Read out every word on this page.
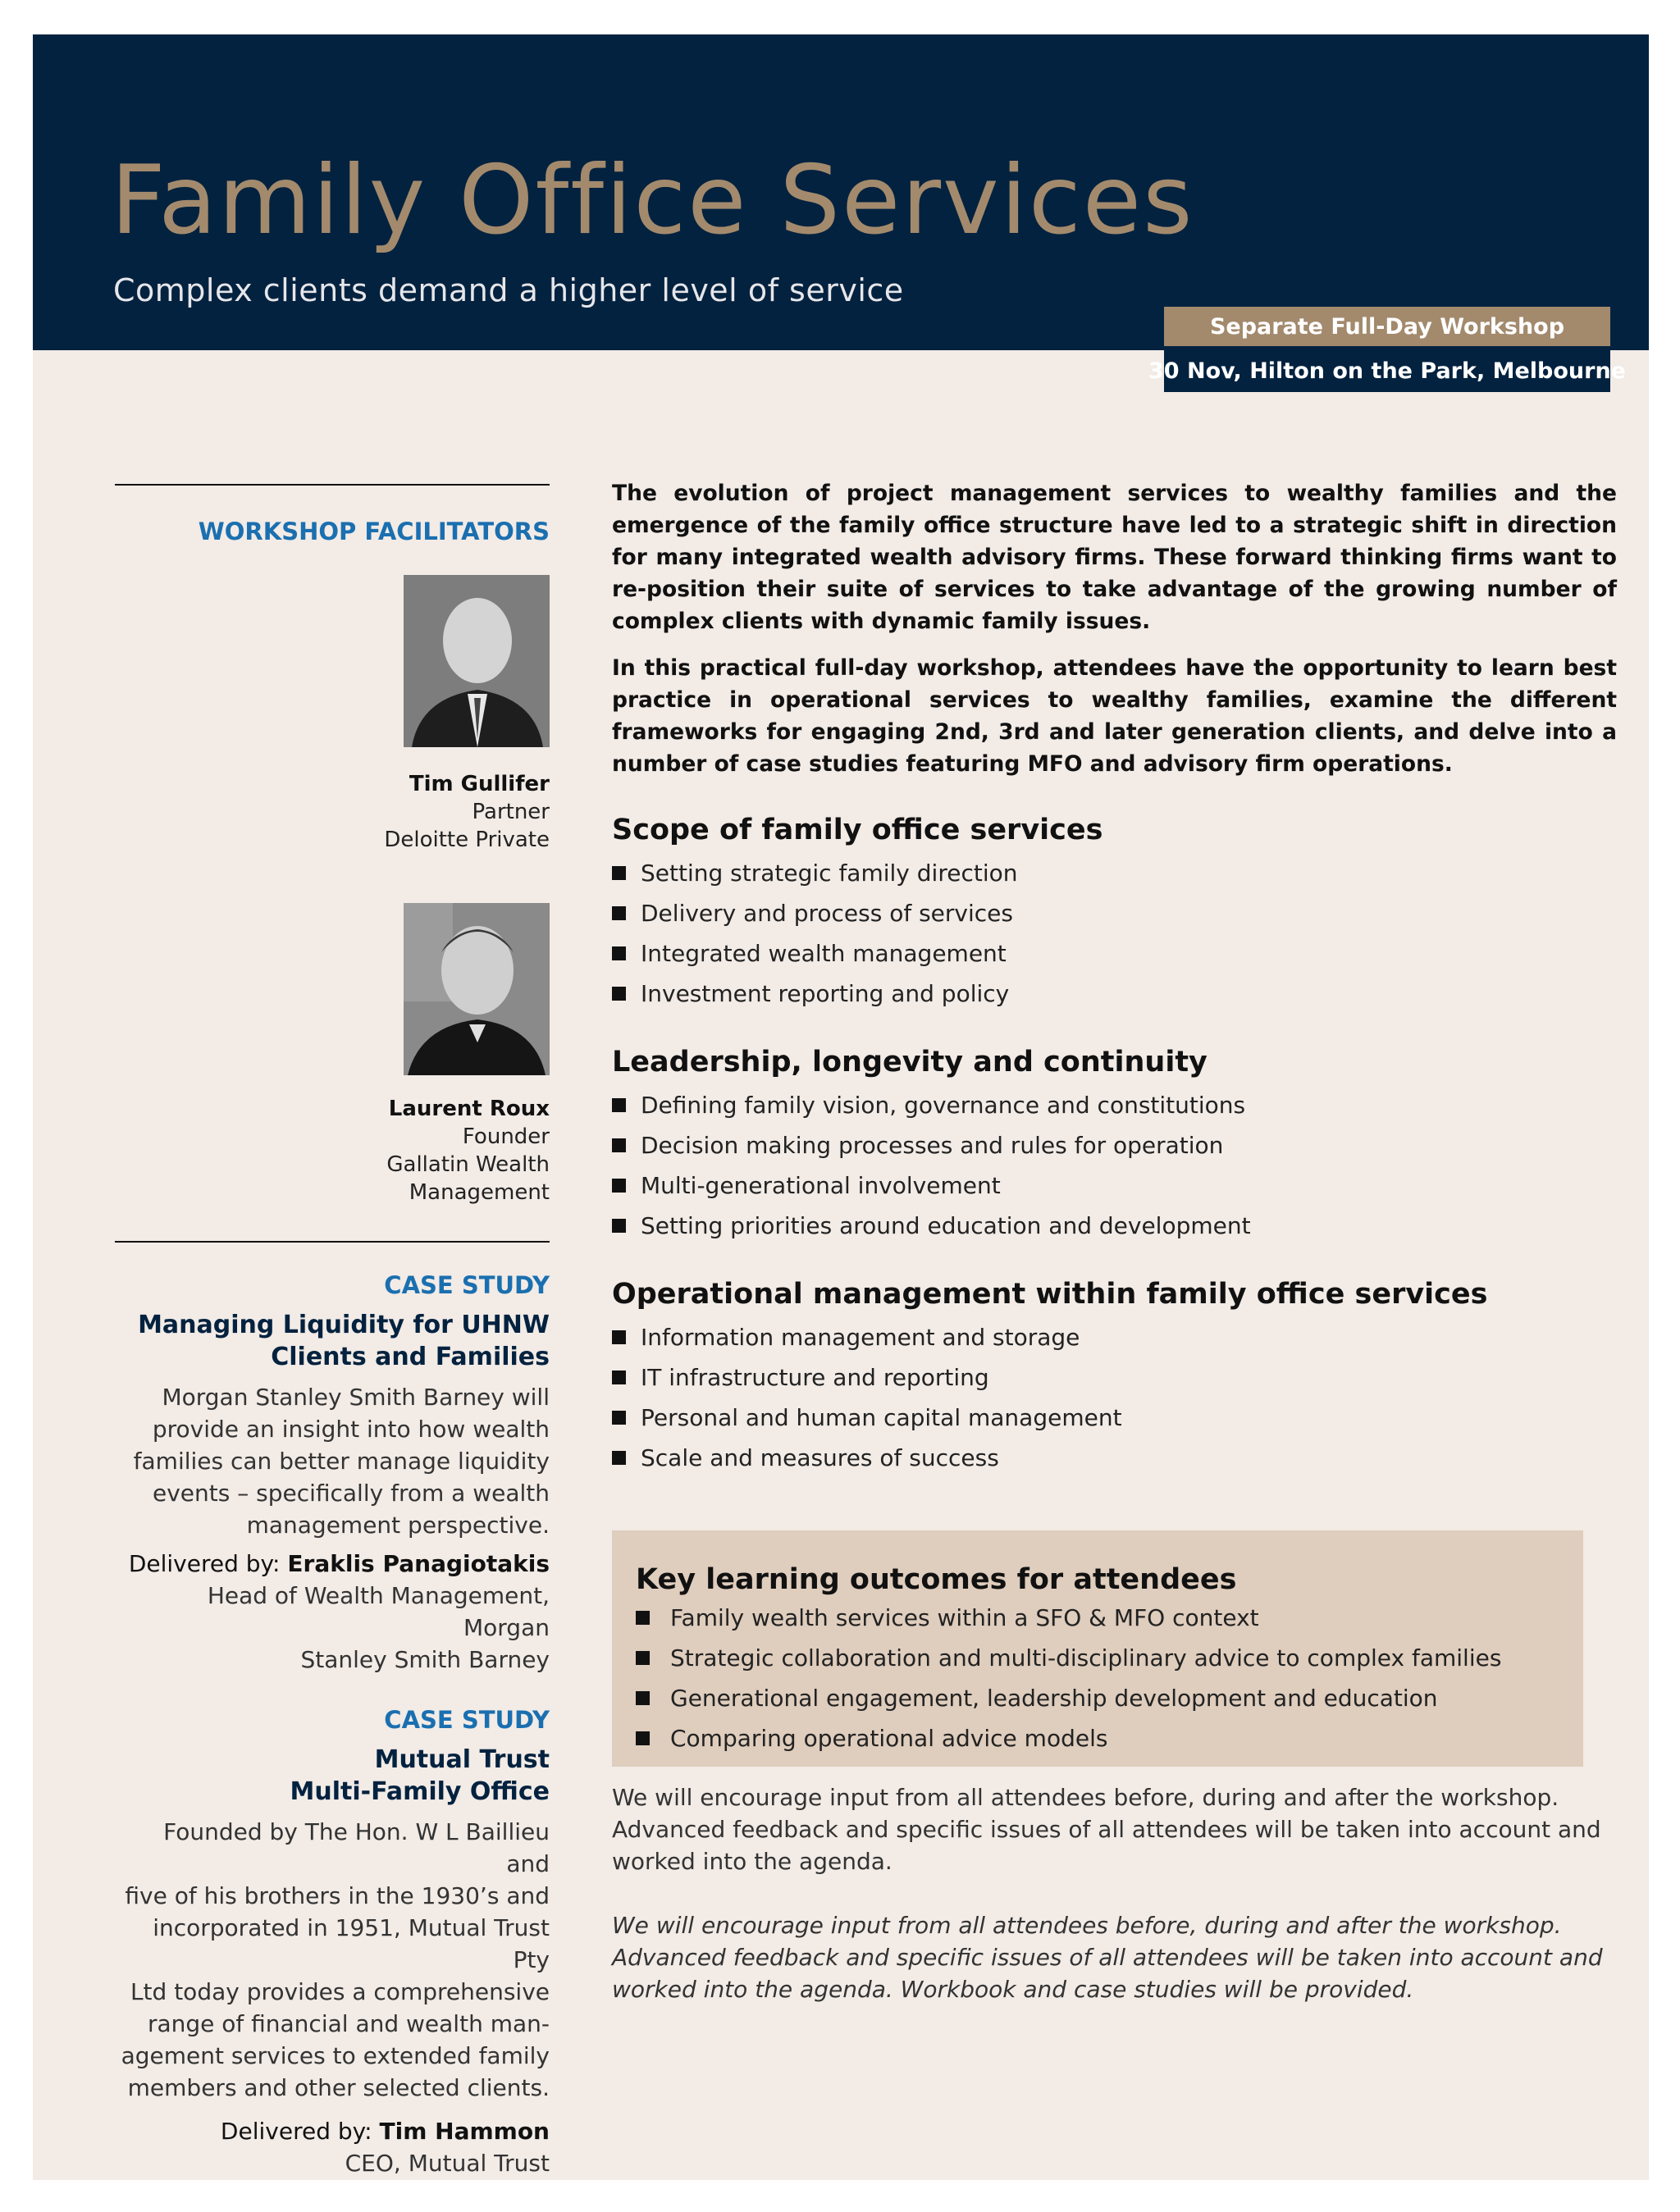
Family Office Services
Complex clients demand a higher level of service
Separate Full-Day Workshop
30 Nov, Hilton on the Park, Melbourne
WORKSHOP FACILITATORS
Tim Gullifer
Partner
Deloitte Private
Laurent Roux
Founder
Gallatin Wealth
Management
CASE STUDY
Managing Liquidity for UHNW
Clients and Families
Morgan Stanley Smith Barney will
provide an insight into how wealth
families can better manage liquidity
events – specifically from a wealth
management perspective.
Delivered by: Eraklis Panagiotakis
Head of Wealth Management, Morgan
Stanley Smith Barney
CASE STUDY
Mutual Trust
Multi-Family Office
Founded by The Hon. W L Baillieu and
five of his brothers in the 1930’s and
incorporated in 1951, Mutual Trust Pty
Ltd today provides a comprehensive
range of financial and wealth man-
agement services to extended family
members and other selected clients.
Delivered by: Tim Hammon
CEO, Mutual Trust

The evolution of project management services to wealthy families and the emergence of the family office structure have led to a strategic shift in direction for many integrated wealth advisory firms. These forward thinking firms want to re-position their suite of services to take advantage of the growing number of complex clients with dynamic family issues.

In this practical full-day workshop, attendees have the opportunity to learn best practice in operational services to wealthy families, examine the different frameworks for engaging 2nd, 3rd and later generation clients, and delve into a number of case studies featuring MFO and advisory firm operations.

Scope of family office services
Setting strategic family direction
Delivery and process of services
Integrated wealth management
Investment reporting and policy
Leadership, longevity and continuity
Defining family vision, governance and constitutions
Decision making processes and rules for operation
Multi-generational involvement
Setting priorities around education and development
Operational management within family office services
Information management and storage
IT infrastructure and reporting
Personal and human capital management
Scale and measures of success
Key learning outcomes for attendees
Family wealth services within a SFO & MFO context
Strategic collaboration and multi-disciplinary advice to complex families
Generational engagement, leadership development and education
Comparing operational advice models

We will encourage input from all attendees before, during and after the workshop.

Advanced feedback and specific issues of all attendees will be taken into account and

worked into the agenda.

We will encourage input from all attendees before, during and after the workshop.

Advanced feedback and specific issues of all attendees will be taken into account and

worked into the agenda. Workbook and case studies will be provided.
